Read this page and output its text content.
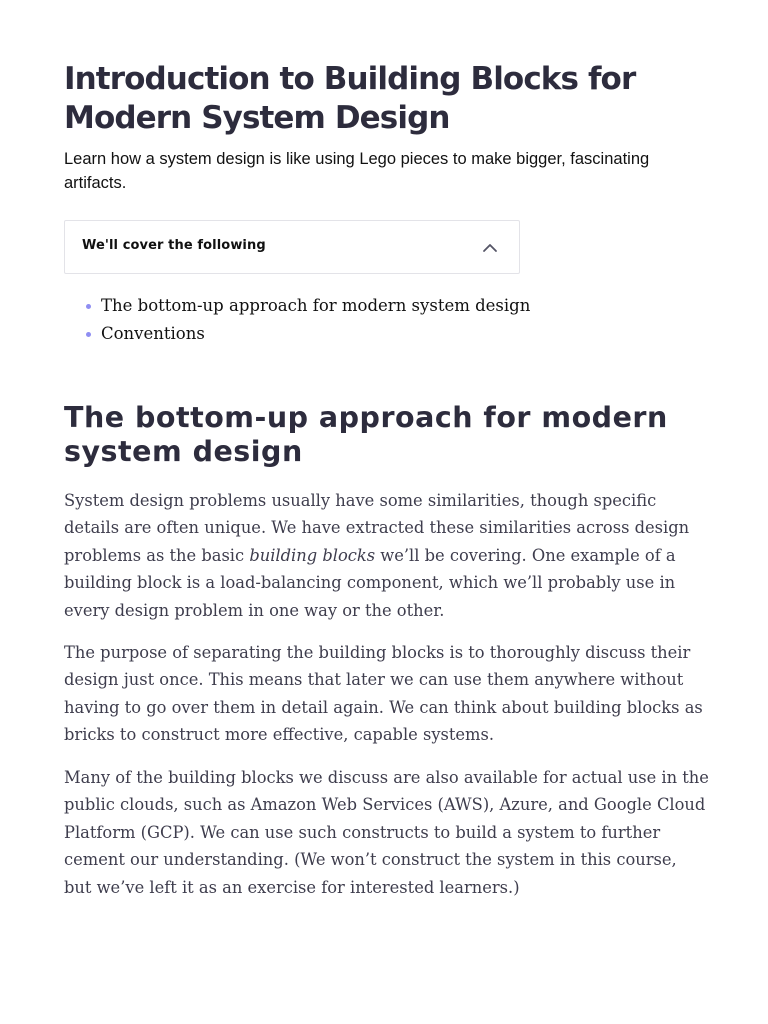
Introduction to Building Blocks for Modern System Design

Learn how a system design is like using Lego pieces to make bigger, fascinating artifacts.

We'll cover the following
The bottom-up approach for modern system design
Conventions
The bottom-up approach for modern system design

System design problems usually have some similarities, though specific details are often unique. We have extracted these similarities across design problems as the basic building blocks we’ll be covering. One example of a building block is a load-balancing component, which we’ll probably use in every design problem in one way or the other.

The purpose of separating the building blocks is to thoroughly discuss their design just once. This means that later we can use them anywhere without having to go over them in detail again. We can think about building blocks as bricks to construct more effective, capable systems.

Many of the building blocks we discuss are also available for actual use in the public clouds, such as Amazon Web Services (AWS), Azure, and Google Cloud Platform (GCP). We can use such constructs to build a system to further cement our understanding. (We won’t construct the system in this course, but we’ve left it as an exercise for interested learners.)
